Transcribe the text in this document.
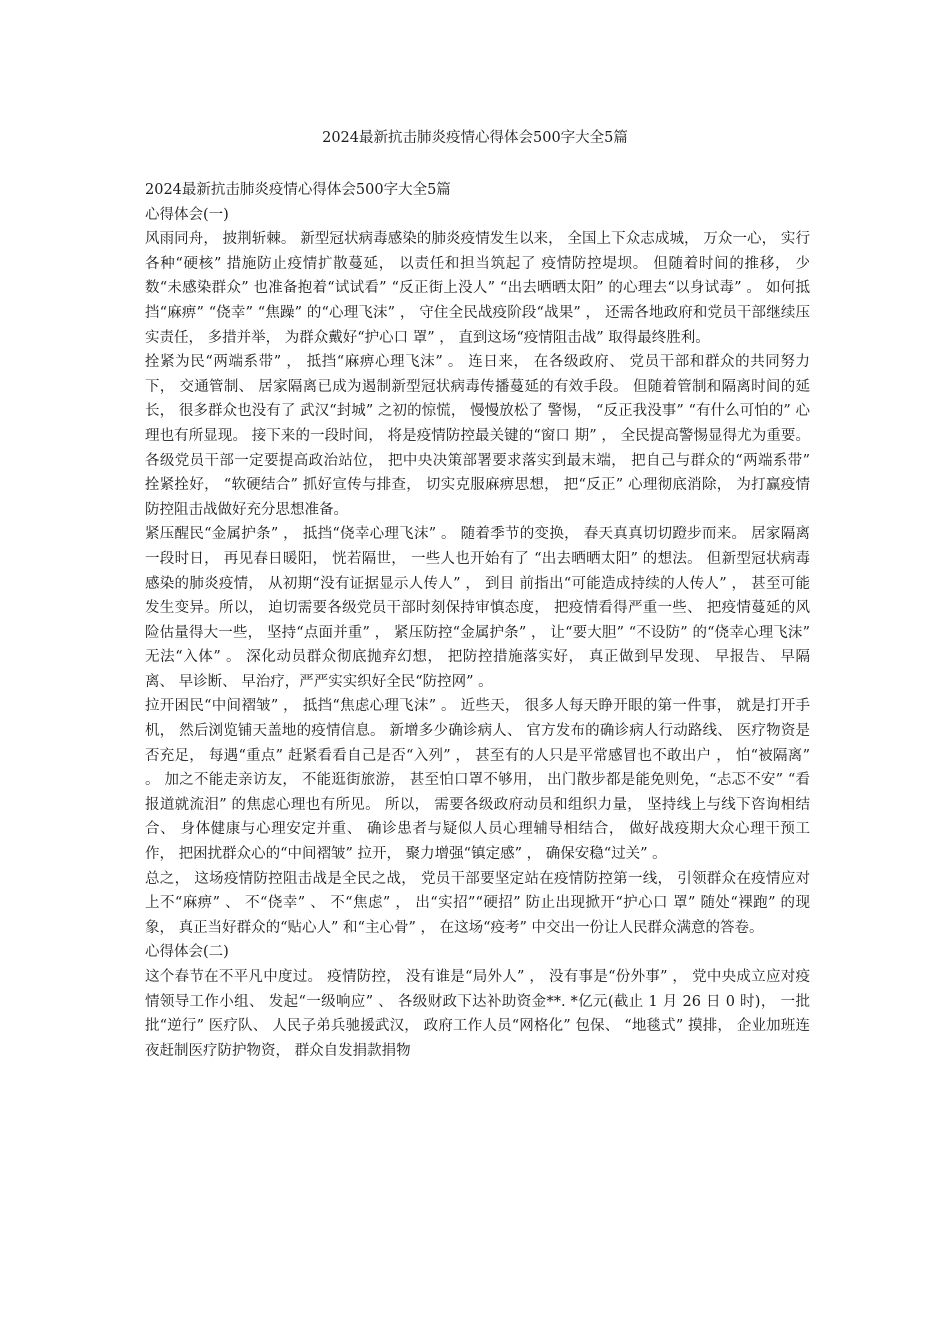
2024最新抗击肺炎疫情心得体会500字大全5篇

2024最新抗击肺炎疫情心得体会500字大全5篇

心得体会(一)

风雨同舟， 披荆斩棘。 新型冠状病毒感染的肺炎疫情发生以来， 全国上下众志成城， 万众一心， 实行各种“硬核” 措施防止疫情扩散蔓延， 以责任和担当筑起了 疫情防控堤坝。 但随着时间的推移， 少数“未感染群众” 也准备抱着“试试看” “反正街上没人” “出去晒晒太阳” 的心理去“以身试毒” 。 如何抵挡“麻痹” “侥幸” “焦躁” 的“心理飞沫” ， 守住全民战疫阶段“战果” ， 还需各地政府和党员干部继续压实责任， 多措并举， 为群众戴好“护心口 罩” ， 直到这场“疫情阻击战” 取得最终胜利。

拴紧为民“两端系带” ， 抵挡“麻痹心理飞沫” 。 连日来， 在各级政府、 党员干部和群众的共同努力下， 交通管制、 居家隔离已成为遏制新型冠状病毒传播蔓延的有效手段。 但随着管制和隔离时间的延长， 很多群众也没有了 武汉“封城” 之初的惊慌， 慢慢放松了 警惕， “反正我没事” “有什么可怕的” 心理也有所显现。 接下来的一段时间， 将是疫情防控最关键的“窗口 期” ， 全民提高警惕显得尤为重要。 各级党员干部一定要提高政治站位， 把中央决策部署要求落实到最末端， 把自己与群众的“两端系带” 拴紧拴好， “软硬结合” 抓好宣传与排查， 切实克服麻痹思想， 把“反正” 心理彻底消除， 为打赢疫情防控阻击战做好充分思想准备。

紧压醒民“金属护条” ， 抵挡“侥幸心理飞沫” 。 随着季节的变换， 春天真真切切蹬步而来。 居家隔离一段时日， 再见春日暖阳， 恍若隔世， 一些人也开始有了 “出去晒晒太阳” 的想法。 但新型冠状病毒感染的肺炎疫情， 从初期“没有证据显示人传人” ， 到目 前指出“可能造成持续的人传人” ， 甚至可能发生变异。所以， 迫切需要各级党员干部时刻保持审慎态度， 把疫情看得严重一些、 把疫情蔓延的风险估量得大一些， 坚持“点面并重” ， 紧压防控“金属护条” ， 让“要大胆” “不设防” 的“侥幸心理飞沫” 无法“入体” 。 深化动员群众彻底抛弃幻想， 把防控措施落实好， 真正做到早发现、 早报告、 早隔离、 早诊断、 早治疗，严严实实织好全民“防控网” 。

拉开困民“中间褶皱” ， 抵挡“焦虑心理飞沫” 。 近些天， 很多人每天睁开眼的第一件事， 就是打开手机， 然后浏览铺天盖地的疫情信息。 新增多少确诊病人、 官方发布的确诊病人行动路线、 医疗物资是否充足， 每遇“重点” 赶紧看看自己是否“入列” ， 甚至有的人只是平常感冒也不敢出户 ， 怕“被隔离” 。 加之不能走亲访友， 不能逛街旅游， 甚至怕口罩不够用， 出门散步都是能免则免，“忐忑不安” “看报道就流泪” 的焦虑心理也有所见。 所以， 需要各级政府动员和组织力量， 坚持线上与线下咨询相结合、 身体健康与心理安定并重、 确诊患者与疑似人员心理辅导相结合， 做好战疫期大众心理干预工作， 把困扰群众心的“中间褶皱” 拉开， 聚力增强“镇定感” ， 确保安稳“过关” 。

总之， 这场疫情防控阻击战是全民之战， 党员干部要坚定站在疫情防控第一线， 引领群众在疫情应对上不“麻痹” 、 不“侥幸” 、 不“焦虑” ， 出“实招”“硬招” 防止出现掀开“护心口 罩” 随处“裸跑” 的现象， 真正当好群众的“贴心人” 和“主心骨” ， 在这场“疫考” 中交出一份让人民群众满意的答卷。

心得体会(二)

这个春节在不平凡中度过。 疫情防控， 没有谁是“局外人” ， 没有事是“份外事” ， 党中央成立应对疫情领导工作小组、 发起“一级响应” 、 各级财政下达补助资金**. *亿元(截止 1 月 26 日 0 时)， 一批批“逆行” 医疗队、 人民子弟兵驰援武汉， 政府工作人员“网格化” 包保、 “地毯式” 摸排， 企业加班连夜赶制医疗防护物资， 群众自发捐款捐物
